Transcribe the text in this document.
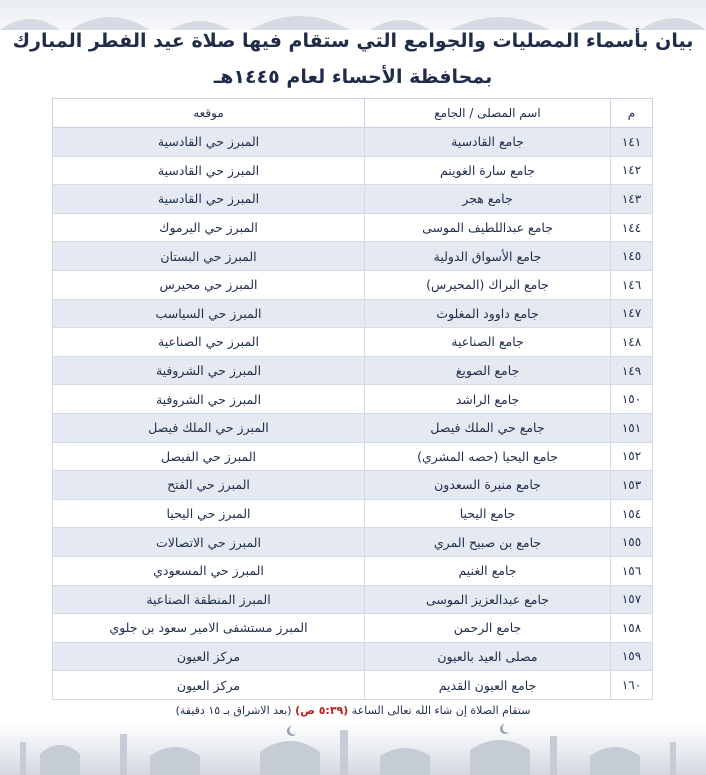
بيان بأسماء المصليات والجوامع التي ستقام فيها صلاة عيد الفطر المبارك
بمحافظة الأحساء لعام ١٤٤٥هـ
م	اسم المصلى / الجامع	موقعه
١٤١	جامع القادسية	المبرز حي القادسية
١٤٢	جامع سارة الغوينم	المبرز حي القادسية
١٤٣	جامع هجر	المبرز حي القادسية
١٤٤	جامع عبداللطيف الموسى	المبرز حي اليرموك
١٤٥	جامع الأسواق الدولية	المبرز حي البستان
١٤٦	جامع البراك (المحيرس)	المبرز حي محيرس
١٤٧	جامع داوود المغلوث	المبرز حي السياسب
١٤٨	جامع الصناعية	المبرز حي الصناعية
١٤٩	جامع الصويغ	المبرز حي الشروفية
١٥٠	جامع الراشد	المبرز حي الشروفية
١٥١	جامع حي الملك فيصل	المبرز حي الملك فيصل
١٥٢	جامع اليحيا (حصه المشري)	المبرز حي الفيصل
١٥٣	جامع منيرة السعدون	المبرز حي الفتح
١٥٤	جامع اليحيا	المبرز حي اليحيا
١٥٥	جامع بن صبيح المري	المبرز حي الاتصالات
١٥٦	جامع الغنيم	المبرز حي المسعودي
١٥٧	جامع عبدالعزيز الموسى	المبرز المنطقة الصناعية
١٥٨	جامع الرحمن	المبرز مستشفى الامير سعود بن جلوي
١٥٩	مصلى العيد بالعيون	مركز العيون
١٦٠	جامع العيون القديم	مركز العيون
ستقام الصلاة إن شاء الله تعالى الساعة (٥:٣٩ ص) (بعد الاشراق بـ ١٥ دقيقة)
